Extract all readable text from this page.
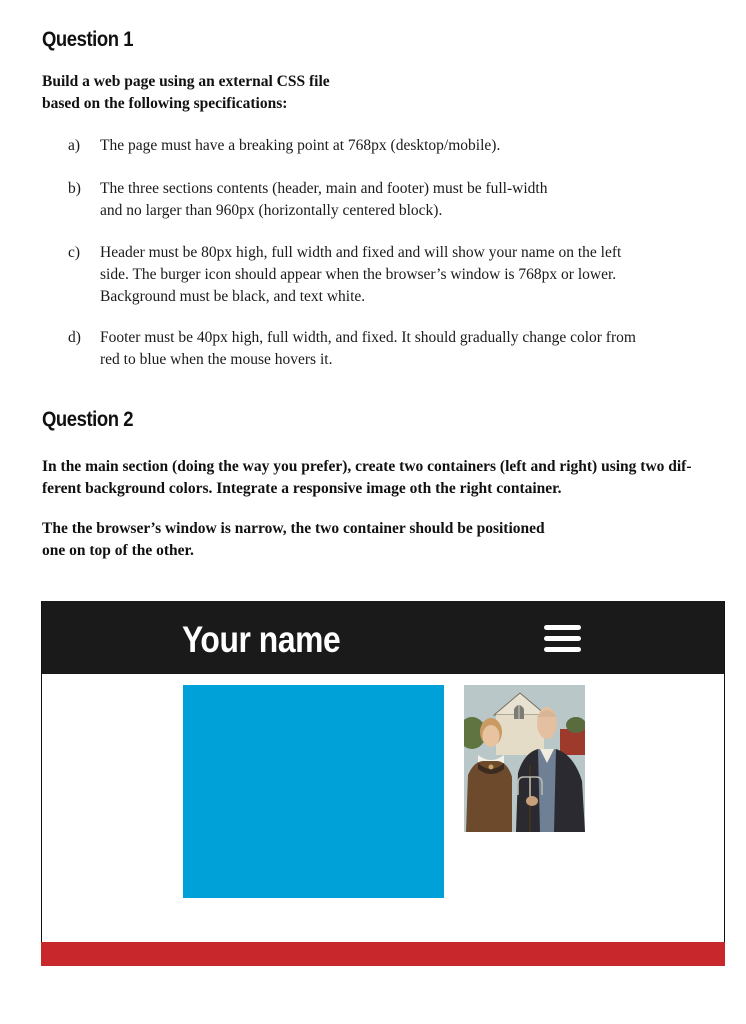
Question 1
Build a web page using an external CSS file
based on the following specifications:
a) The page must have a breaking point at 768px (desktop/mobile).
b) The three sections contents (header, main and footer) must be full-width
and no larger than 960px (horizontally centered block).
c) Header must be 80px high, full width and fixed and will show your name on the left
side. The burger icon should appear when the browser’s window is 768px or lower.
Background must be black, and text white.
d) Footer must be 40px high, full width, and fixed. It should gradually change color from
red to blue when the mouse hovers it.
Question 2
In the main section (doing the way you prefer), create two containers (left and right) using two dif-
ferent background colors. Integrate a responsive image oth the right container.
The the browser’s window is narrow, the two container should be positioned
one on top of the other.
Your name
